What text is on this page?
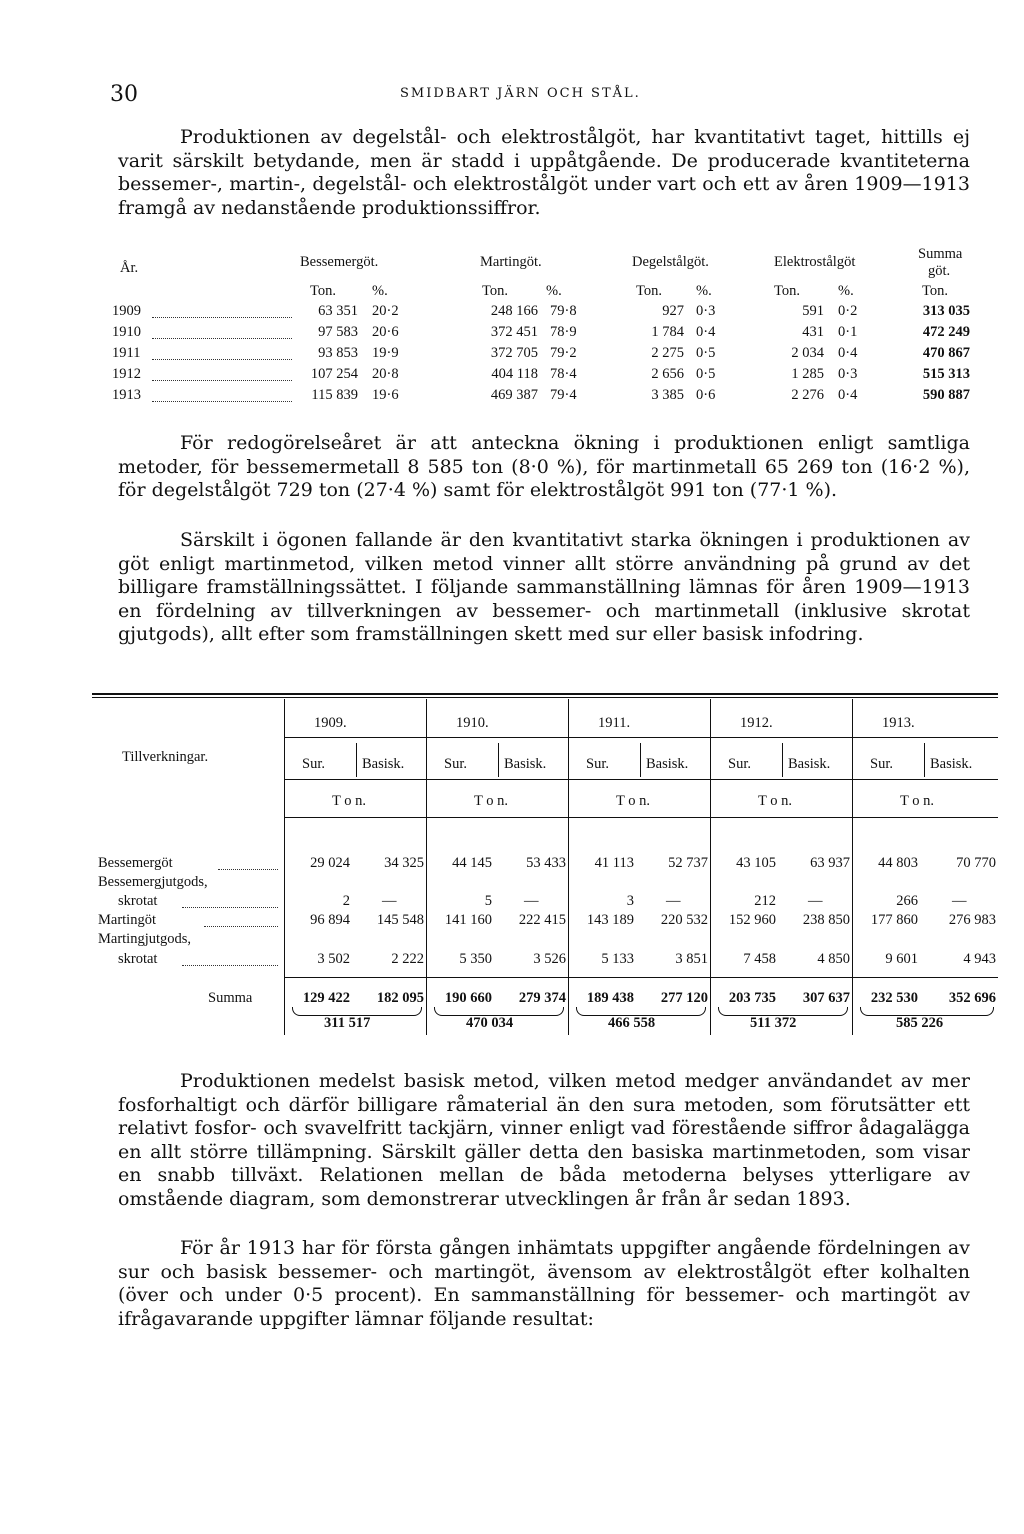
30	SMIDBART JÄRN OCH STÅL.

Produktionen av degelstål- och elektrostålgöt, har kvantitativt taget, hittills ej varit särskilt betydande, men är stadd i uppåtgående. De producerade kvantiteterna bessemer-, martin-, degelstål- och elektrostålgöt under vart och ett av åren 1909—1913 framgå av nedanstående produktionssiffror.

År.	Bessemergöt.	Martingöt.	Degelstålgöt.	Elektrostålgöt	Summa
göt.
Ton. %.	Ton.	%.	Ton. %.	Ton.	%.	Ton.
1909	63 351 20·2	248 166 79·8	927 0·3	591 0·2	313 035
1910	97 583 20·6	372 451 78·9	1 784 0·4	431 0·1	472 249
1911	93 853 19·9	372 705 79·2	2 275 0·5	2 034 0·4	470 867
1912	107 254 20·8	404 118 78·4	2 656 0·5	1 285 0·3	515 313
1913	115 839 19·6	469 387 79·4	3 385 0·6	2 276 0·4	590 887

För redogörelseåret är att anteckna ökning i produktionen enligt samtliga metoder, för bessemermetall 8 585 ton (8·0 %), för martinmetall 65 269 ton (16·2 %), för degelstålgöt 729 ton (27·4 %) samt för elektrostålgöt 991 ton (77·1 %).

Särskilt i ögonen fallande är den kvantitativt starka ökningen i produktionen av göt enligt martinmetod, vilken metod vinner allt större användning på grund av det billigare framställningssättet. I följande sammanställning lämnas för åren 1909—1913 en fördelning av tillverkningen av bessemer- och martinmetall (inklusive skrotat gjutgods), allt efter som framställningen skett med sur eller basisk infodring.

Tillverkningar.
1909.	1910.	1911.	1912.	1913.
Sur.	Basisk.	Sur.	Basisk.	Sur.	Basisk.	Sur.	Basisk.	Sur.	Basisk.
T o n.	T o n.	T o n.	T o n.	T o n.
Bessemergöt	29 024	34 325	44 145	53 433	41 113	52 737	43 105	63 937	44 803	70 770
Bessemergjutgods,
skrotat	2 —	5 —	3 —	212 —	266 —
Martingöt	96 894	145 548	141 160	222 415	143 189	220 532	152 960	238 850	177 860	276 983
Martingjutgods,
skrotat	3 502	2 222	5 350	3 526	5 133	3 851	7 458	4 850	9 601	4 943
Summa	129 422	182 095	190 660	279 374	189 438	277 120	203 735	307 637	232 530	352 696
311 517	470 034	466 558	511 372	585 226

Produktionen medelst basisk metod, vilken metod medger användandet av mer fosforhaltigt och därför billigare råmaterial än den sura metoden, som förutsätter ett relativt fosfor- och svavelfritt tackjärn, vinner enligt vad förestående siffror ådagalägga en allt större tillämpning. Särskilt gäller detta den basiska martinmetoden, som visar en snabb tillväxt. Relationen mellan de båda metoderna belyses ytterligare av omstående diagram, som demonstrerar utvecklingen år från år sedan 1893.

För år 1913 har för första gången inhämtats uppgifter angående fördelningen av sur och basisk bessemer- och martingöt, ävensom av elektrostålgöt efter kolhalten (över och under 0·5 procent). En sammanställning för bessemer- och martingöt av ifrågavarande uppgifter lämnar följande resultat:
